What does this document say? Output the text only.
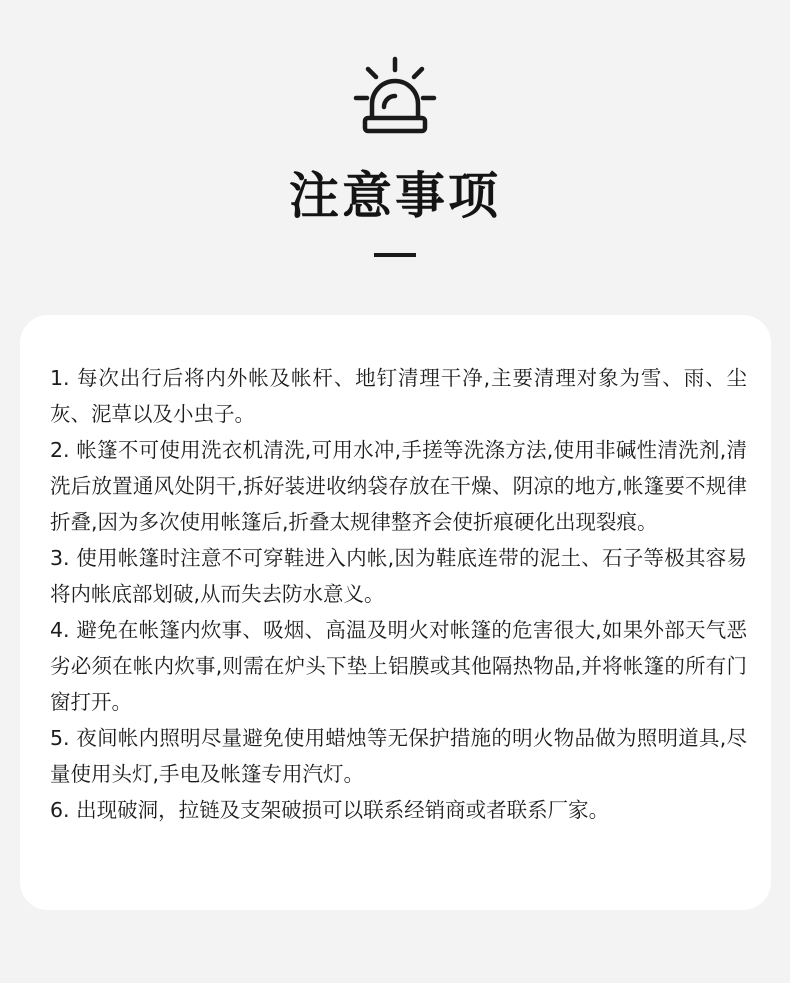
注意事项
1. 每次出行后将内外帐及帐杆、地钉清理干净,主要清理对象为雪、雨、尘灰、泥草以及小虫子。
2. 帐篷不可使用洗衣机清洗,可用水冲,手搓等洗涤方法,使用非碱性清洗剂,清洗后放置通风处阴干,拆好装进收纳袋存放在干燥、阴凉的地方,帐篷要不规律折叠,因为多次使用帐篷后,折叠太规律整齐会使折痕硬化出现裂痕。
3. 使用帐篷时注意不可穿鞋进入内帐,因为鞋底连带的泥土、石子等极其容易将内帐底部划破,从而失去防水意义。
4. 避免在帐篷内炊事、吸烟、高温及明火对帐篷的危害很大,如果外部天气恶劣必须在帐内炊事,则需在炉头下垫上铝膜或其他隔热物品,并将帐篷的所有门窗打开。
5. 夜间帐内照明尽量避免使用蜡烛等无保护措施的明火物品做为照明道具,尽量使用头灯,手电及帐篷专用汽灯。
6. 出现破洞，拉链及支架破损可以联系经销商或者联系厂家。
